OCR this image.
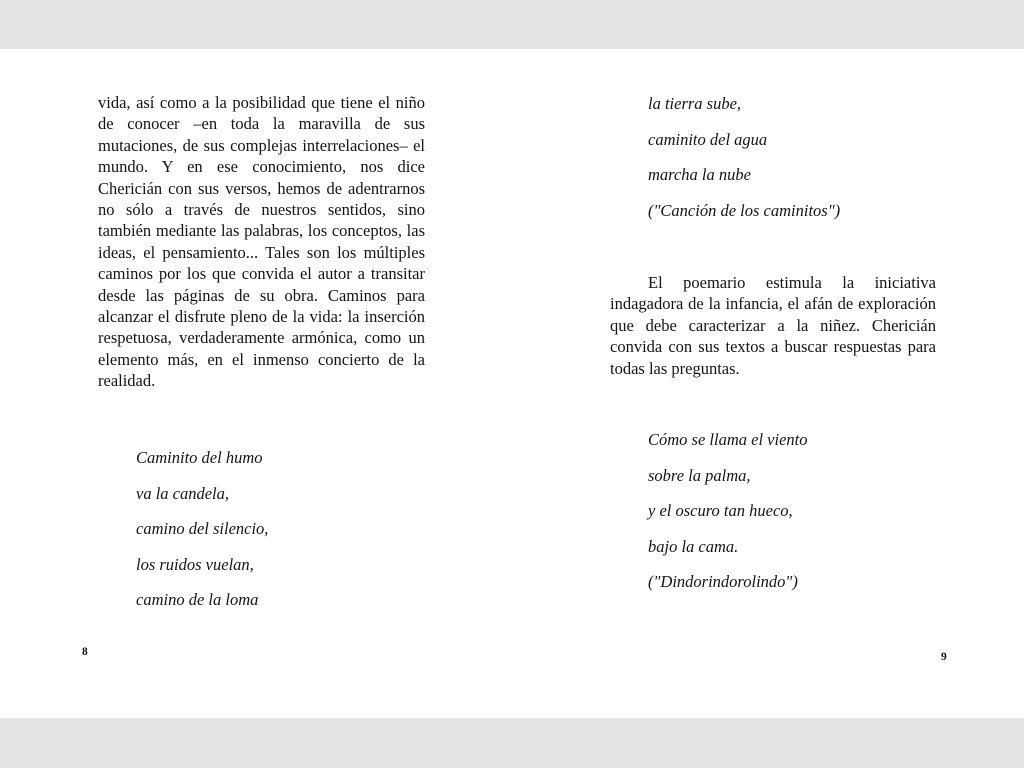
vida, así como a la posibilidad que tiene el niño de conocer –en toda la maravilla de sus mutaciones, de sus complejas interrelaciones– el mundo. Y en ese conocimiento, nos dice Chericián con sus versos, hemos de adentrarnos no sólo a través de nuestros sentidos, sino también mediante las palabras, los conceptos, las ideas, el pensamiento... Tales son los múltiples caminos por los que convida el autor a transitar desde las páginas de su obra. Caminos para alcanzar el disfrute pleno de la vida: la inserción respetuosa, verdaderamente armónica, como un elemento más, en el inmenso concierto de la realidad.
Caminito del humo
va la candela,
camino del silencio,
los ruidos vuelan,
camino de la loma
8
la tierra sube,
caminito del agua
marcha la nube
("Canción de los caminitos")
El poemario estimula la iniciativa indagadora de la infancia, el afán de exploración que debe caracterizar a la niñez. Chericián convida con sus textos a buscar respuestas para todas las preguntas.
Cómo se llama el viento
sobre la palma,
y el oscuro tan hueco,
bajo la cama.
("Dindorindorolindo")
9
